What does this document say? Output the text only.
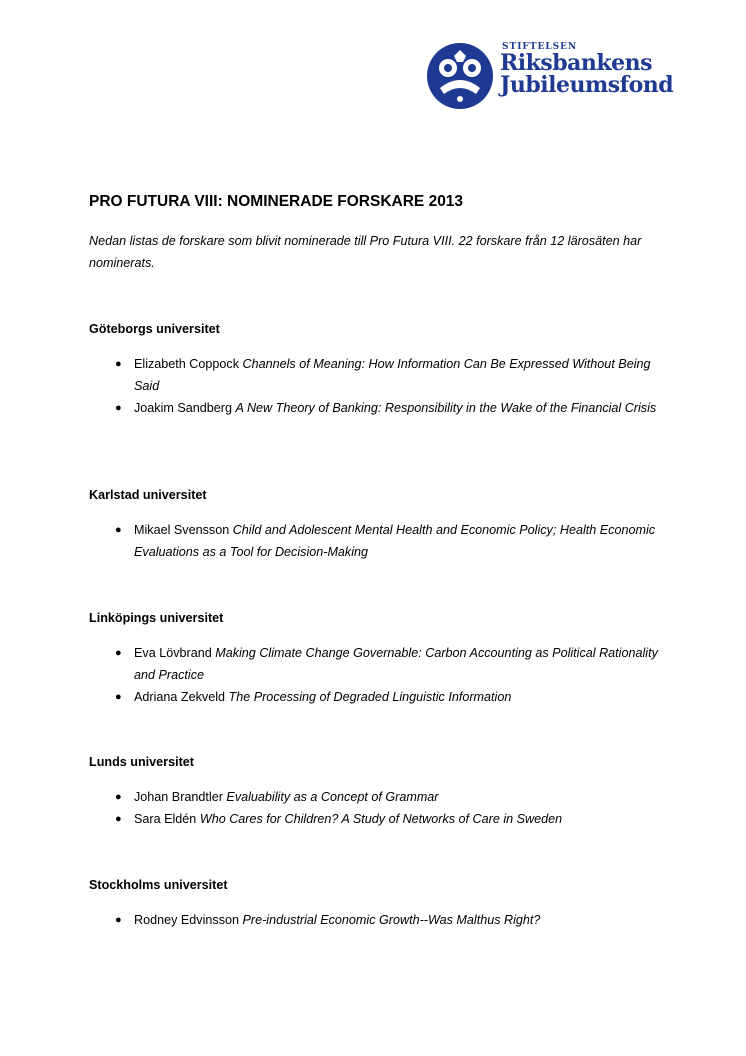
STIFTELSEN
Riksbankens
Jubileumsfond
PRO FUTURA VIII: NOMINERADE FORSKARE 2013

Nedan listas de forskare som blivit nominerade till Pro Futura VIII. 22 forskare från 12 lärosäten har nominerats.

Göteborgs universitet
● Elizabeth Coppock Channels of Meaning: How Information Can Be Expressed Without Being Said
● Joakim Sandberg A New Theory of Banking: Responsibility in the Wake of the Financial Crisis
Karlstad universitet
● Mikael Svensson Child and Adolescent Mental Health and Economic Policy; Health Economic Evaluations as a Tool for Decision-Making
Linköpings universitet
● Eva Lövbrand Making Climate Change Governable: Carbon Accounting as Political Rationality and Practice
● Adriana Zekveld The Processing of Degraded Linguistic Information
Lunds universitet
● Johan Brandtler Evaluability as a Concept of Grammar
● Sara Eldén Who Cares for Children? A Study of Networks of Care in Sweden
Stockholms universitet
● Rodney Edvinsson Pre-industrial Economic Growth--Was Malthus Right?
